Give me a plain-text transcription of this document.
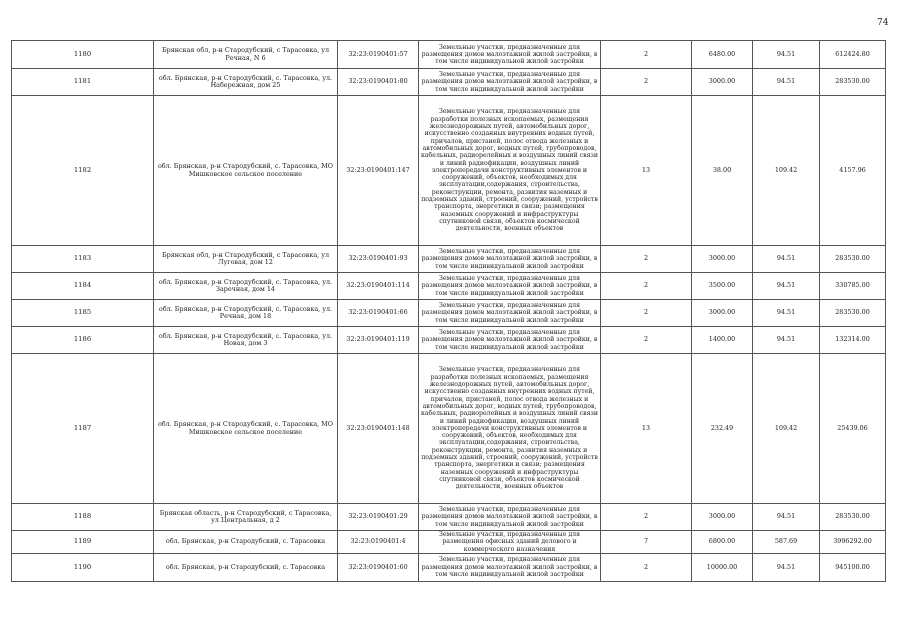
74
1180	Брянская обл, р-н Стародубский, с Тарасовка, ул Речная, N 6	32:23:0190401:57	Земельные участки, предназначенные для размещения домов малоэтажной жилой застройки, в том числе индивидуальной жилой застройки	2	6480.00	94.51	612424.80
1181	обл. Брянская, р-н Стародубский, с. Тарасовка, ул. Набережная, дом 25	32:23:0190401:80	Земельные участки, предназначенные для размещения домов малоэтажной жилой застройки, в том числе индивидуальной жилой застройки	2	3000.00	94.51	283530.00
1182	обл. Брянская, р-н Стародубский, с. Тарасовка, МО Мишковское сельское поселение	32:23:0190401:147	Земельные участки, предназначенные для разработки полезных ископаемых, размещения железнодорожных путей, автомобильных дорог, искусственно созданных внутренних водных путей, причалов, пристаней, полос отвода железных и автомобильных дорог, водных путей, трубопроводов, кабельных, радиорелейных и воздушных линий связи и линий радиофикации, воздушных линий электропередачи конструктивных элементов и сооружений, объектов, необходимых для эксплуатации,содержания, строительства, реконструкции, ремонта, развития наземных и подземных зданий, строений, сооружений, устройств транспорта, энергетики и связи; размещения наземных сооружений и инфраструктуры спутниковой связи, объектов космической деятельности, военных объектов	13	38.00	109.42	4157.96
1183	Брянская обл, р-н Стародубский, с Тарасовка, ул Луговая, дом 12	32:23:0190401:93	Земельные участки, предназначенные для размещения домов малоэтажной жилой застройки, в том числе индивидуальной жилой застройки	2	3000.00	94.51	283530.00
1184	обл. Брянская, р-н Стародубский, с. Тарасовка, ул. Заречная, дом 14	32:23:0190401:114	Земельные участки, предназначенные для размещения домов малоэтажной жилой застройки, в том числе индивидуальной жилой застройки	2	3500.00	94.51	330785.00
1185	обл. Брянская, р-н Стародубский, с. Тарасовка, ул. Речная, дом 18	32:23:0190401:66	Земельные участки, предназначенные для размещения домов малоэтажной жилой застройки, в том числе индивидуальной жилой застройки	2	3000.00	94.51	283530.00
1186	обл. Брянская, р-н Стародубский, с. Тарасовка, ул. Новая, дом 3	32:23:0190401:119	Земельные участки, предназначенные для размещения домов малоэтажной жилой застройки, в том числе индивидуальной жилой застройки	2	1400.00	94.51	132314.00
1187	обл. Брянская, р-н Стародубский, с. Тарасовка, МО Мишковское сельское поселение	32:23:0190401:148	Земельные участки, предназначенные для разработки полезных ископаемых, размещения железнодорожных путей, автомобильных дорог, искусственно созданных внутренних водных путей, причалов, пристаней, полос отвода железных и автомобильных дорог, водных путей, трубопроводов, кабельных, радиорелейных и воздушных линий связи и линий радиофикации, воздушных линий электропередачи конструктивных элементов и сооружений, объектов, необходимых для эксплуатации,содержания, строительства, реконструкции, ремонта, развития наземных и подземных зданий, строений, сооружений, устройств транспорта, энергетики и связи; размещения наземных сооружений и инфраструктуры спутниковой связи, объектов космической деятельности, военных объектов	13	232.49	109.42	25439.06
1188	Брянская область, р-н Стародубский, с Тарасовка, ул Центральная, д 2	32:23:0190401:29	Земельные участки, предназначенные для размещения домов малоэтажной жилой застройки, в том числе индивидуальной жилой застройки	2	3000.00	94.51	283530.00
1189	обл. Брянская, р-н Стародубский, с. Тарасовка	32:23:0190401:4	Земельные участки, предназначенные для размещения офисных зданий делового и коммерческого назначения	7	6800.00	587.69	3996292.00
1190	обл. Брянская, р-н Стародубский, с. Тарасовка	32:23:0190401:60	Земельные участки, предназначенные для размещения домов малоэтажной жилой застройки, в том числе индивидуальной жилой застройки	2	10000.00	94.51	945100.00
